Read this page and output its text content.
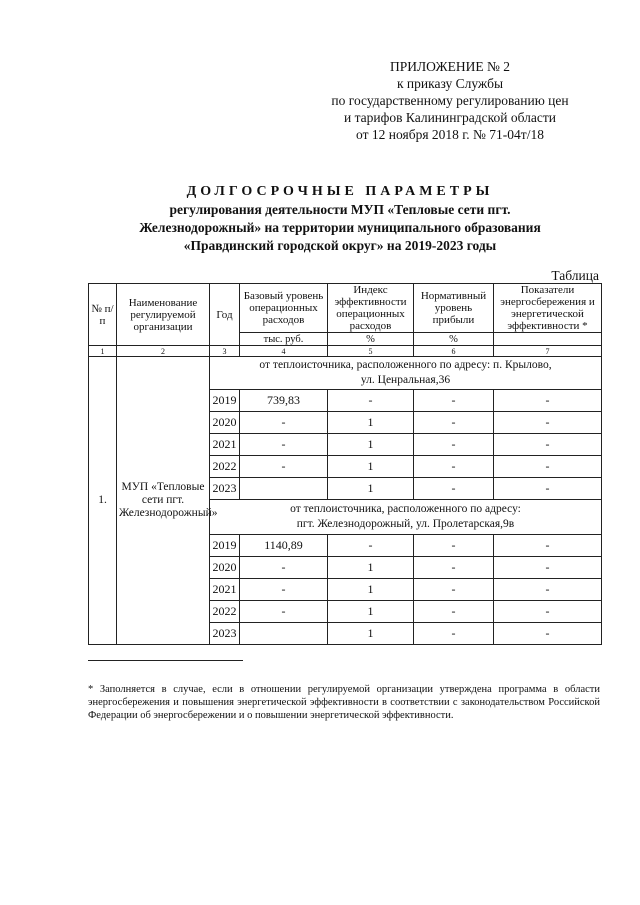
ПРИЛОЖЕНИЕ № 2
к приказу Службы
по государственному регулированию цен
и тарифов Калининградской области
от 12 ноября 2018 г. № 71-04т/18
ДОЛГОСРОЧНЫЕ ПАРАМЕТРЫ
регулирования деятельности МУП «Тепловые сети пгт.
Железнодорожный» на территории муниципального образования
«Правдинский городской округ» на 2019-2023 годы
Таблица
№ п/п	Наименование регулируемой организации	Год	Базовый уровень операционных расходов	Индекс эффективности операционных расходов	Нормативный уровень прибыли	Показатели энергосбережения и энергетической эффективности *
			тыс. руб.	%	%	
1	2	3	4	5	6	7
1.	МУП «Тепловые сети пгт. Железнодорожный»	от теплоисточника, расположенного по адресу: п. Крылово,
ул. Ценральная,36				

		2019	739,83	-	-	-
		2020	-	1	-	-
		2021	-	1	-	-
		2022	-	1	-	-
		2023		1	-	-

		от теплоисточника, расположенного по адресу:
пгт. Железнодорожный, ул. Пролетарская,9в				

		2019	1140,89	-	-	-
		2020	-	1	-	-
		2021	-	1	-	-
		2022	-	1	-	-
		2023		1	-	-
* Заполняется в случае, если в отношении регулируемой организации утверждена программа в области энергосбережения и повышения энергетической эффективности в соответствии с законодательством Российской Федерации об энергосбережении и о повышении энергетической эффективности.
